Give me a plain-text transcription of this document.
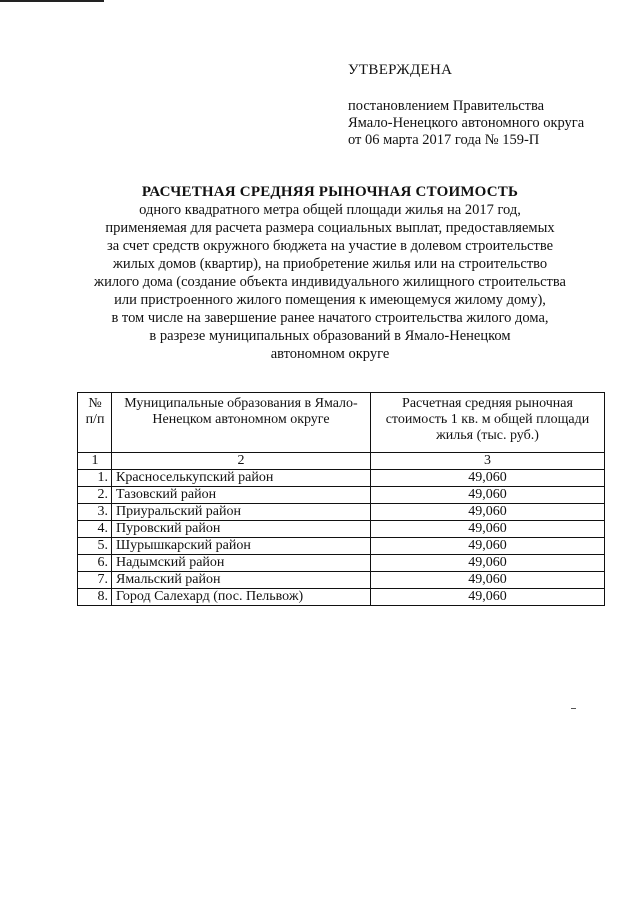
УТВЕРЖДЕНА
постановлением Правительства
Ямало-Ненецкого автономного округа
от 06 марта 2017 года № 159-П
РАСЧЕТНАЯ СРЕДНЯЯ РЫНОЧНАЯ СТОИМОСТЬ
одного квадратного метра общей площади жилья на 2017 год,
применяемая для расчета размера социальных выплат, предоставляемых
за счет средств окружного бюджета на участие в долевом строительстве
жилых домов (квартир), на приобретение жилья или на строительство
жилого дома (создание объекта индивидуального жилищного строительства
или пристроенного жилого помещения к имеющемуся жилому дому),
в том числе на завершение ранее начатого строительства жилого дома,
в разрезе муниципальных образований в Ямало-Ненецком
автономном округе
№ п/п	Муниципальные образования в Ямало-Ненецком автономном округе	Расчетная средняя рыночная стоимость 1 кв. м общей площади жилья (тыс. руб.)
1	2	3
1.	Красноселькупский район	49,060
2.	Тазовский район	49,060
3.	Приуральский район	49,060
4.	Пуровский район	49,060
5.	Шурышкарский район	49,060
6.	Надымский район	49,060
7.	Ямальский район	49,060
8.	Город Салехард (пос. Пельвож)	49,060
